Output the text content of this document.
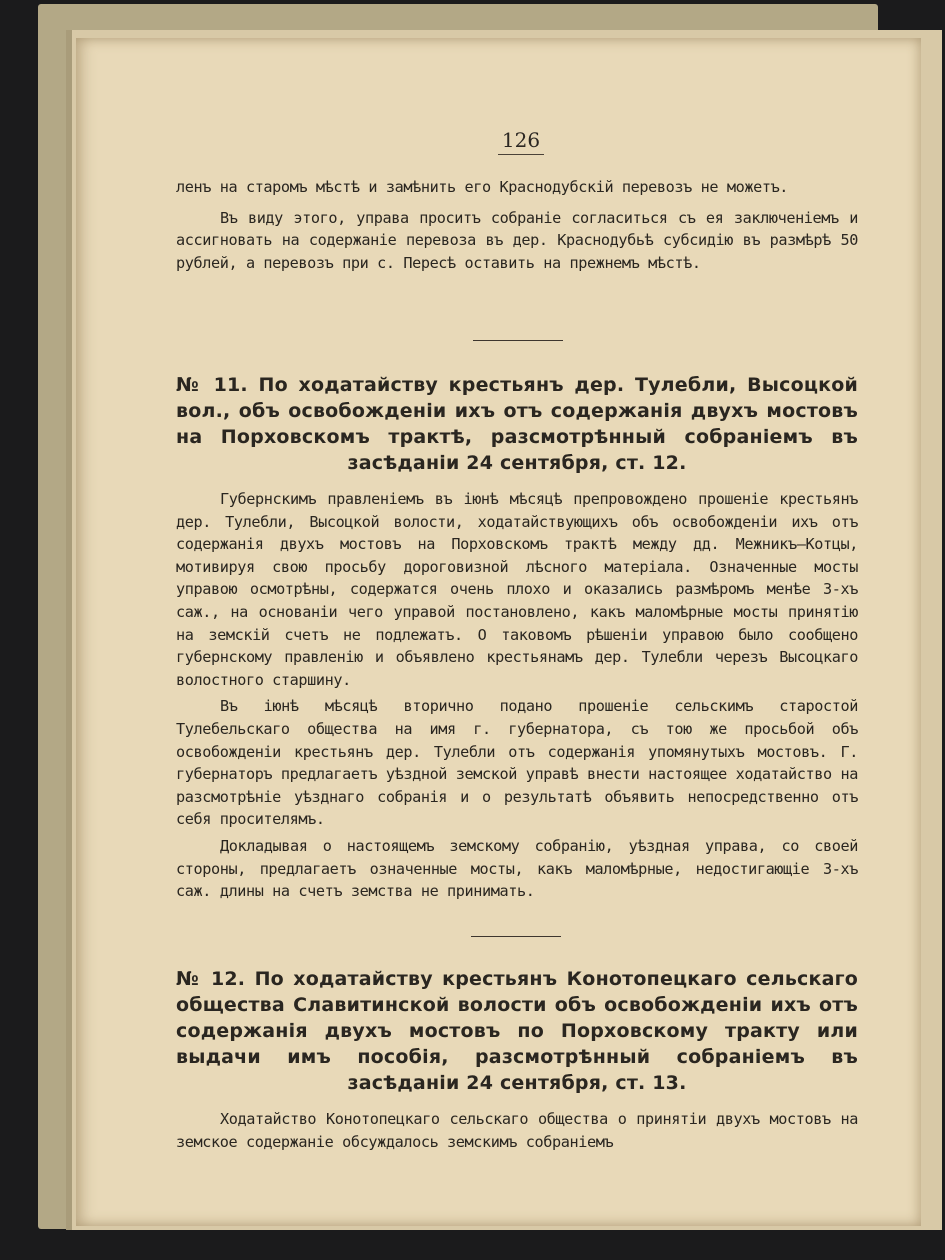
126

ленъ на старомъ мѣстѣ и замѣнить его Краснодубскій перевозъ не можетъ.

Въ виду этого, управа проситъ собраніе согласиться съ ея заключеніемъ и ассигновать на содержаніе перевоза въ дер. Краснодубьѣ субсидію въ размѣрѣ 50 рублей, а перевозъ при с. Пересѣ оставить на прежнемъ мѣстѣ.

№ 11. По ходатайству крестьянъ дер. Тулебли, Высоцкой вол., объ освобожденіи ихъ отъ содержанія двухъ мостовъ на Порховскомъ трактѣ, разсмотрѣнный собраніемъ въ засѣданіи 24 сентября, ст. 12.

Губернскимъ правленіемъ въ іюнѣ мѣсяцѣ препровождено прошеніе крестьянъ дер. Тулебли, Высоцкой волости, ходатайствующихъ объ освобожденіи ихъ отъ содержанія двухъ мостовъ на Порховскомъ трактѣ между дд. Межникъ—Котцы, мотивируя свою просьбу дороговизной лѣсного матеріала. Означенные мосты управою осмотрѣны, содержатся очень плохо и оказались размѣромъ менѣе 3-хъ саж., на основаніи чего управой постановлено, какъ маломѣрные мосты принятію на земскій счетъ не подлежатъ. О таковомъ рѣшеніи управою было сообщено губернскому правленію и объявлено крестьянамъ дер. Тулебли черезъ Высоцкаго волостного старшину.

Въ іюнѣ мѣсяцѣ вторично подано прошеніе сельскимъ старостой Тулебельскаго общества на имя г. губернатора, съ тою же просьбой объ освобожденіи крестьянъ дер. Тулебли отъ содержанія упомянутыхъ мостовъ. Г. губернаторъ предлагаетъ уѣздной земской управѣ внести настоящее ходатайство на разсмотрѣніе уѣзднаго собранія и о результатѣ объявить непосредственно отъ себя просителямъ.

Докладывая о настоящемъ земскому собранію, уѣздная управа, со своей стороны, предлагаетъ означенные мосты, какъ маломѣрные, недостигающіе 3-хъ саж. длины на счетъ земства не принимать.

№ 12. По ходатайству крестьянъ Конотопецкаго сельскаго общества Славитинской волости объ освобожденіи ихъ отъ содержанія двухъ мостовъ по Порховскому тракту или выдачи имъ пособія, разсмотрѣнный собраніемъ въ засѣданіи 24 сентября, ст. 13.

Ходатайство Конотопецкаго сельскаго общества о принятіи двухъ мостовъ на земское содержаніе обсуждалось земскимъ собраніемъ
